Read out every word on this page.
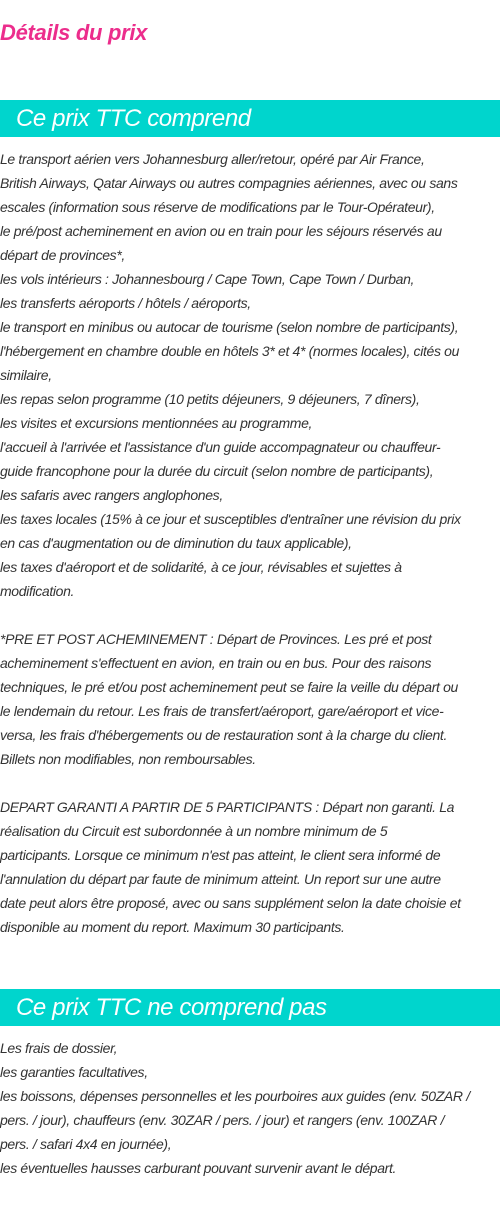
Détails du prix
Ce prix TTC comprend
Le transport aérien vers Johannesburg aller/retour, opéré par Air France,
British Airways, Qatar Airways ou autres compagnies aériennes, avec ou sans
escales (information sous réserve de modifications par le Tour-Opérateur),
le pré/post acheminement en avion ou en train pour les séjours réservés au
départ de provinces*,
les vols intérieurs : Johannesbourg / Cape Town, Cape Town / Durban,
les transferts aéroports / hôtels / aéroports,
le transport en minibus ou autocar de tourisme (selon nombre de participants),
l'hébergement en chambre double en hôtels 3* et 4* (normes locales), cités ou
similaire,
les repas selon programme (10 petits déjeuners, 9 déjeuners, 7 dîners),
les visites et excursions mentionnées au programme,
l'accueil à l'arrivée et l'assistance d'un guide accompagnateur ou chauffeur-
guide francophone pour la durée du circuit (selon nombre de participants),
les safaris avec rangers anglophones,
les taxes locales (15% à ce jour et susceptibles d'entraîner une révision du prix
en cas d'augmentation ou de diminution du taux applicable),
les taxes d'aéroport et de solidarité, à ce jour, révisables et sujettes à
modification.
*PRE ET POST ACHEMINEMENT : Départ de Provinces. Les pré et post
acheminement s'effectuent en avion, en train ou en bus. Pour des raisons
techniques, le pré et/ou post acheminement peut se faire la veille du départ ou
le lendemain du retour. Les frais de transfert/aéroport, gare/aéroport et vice-
versa, les frais d'hébergements ou de restauration sont à la charge du client.
Billets non modifiables, non remboursables.
DEPART GARANTI A PARTIR DE 5 PARTICIPANTS : Départ non garanti. La
réalisation du Circuit est subordonnée à un nombre minimum de 5
participants. Lorsque ce minimum n'est pas atteint, le client sera informé de
l'annulation du départ par faute de minimum atteint. Un report sur une autre
date peut alors être proposé, avec ou sans supplément selon la date choisie et
disponible au moment du report. Maximum 30 participants.
Ce prix TTC ne comprend pas
Les frais de dossier,
les garanties facultatives,
les boissons, dépenses personnelles et les pourboires aux guides (env. 50ZAR /
pers. / jour), chauffeurs (env. 30ZAR / pers. / jour) et rangers (env. 100ZAR /
pers. / safari 4x4 en journée),
les éventuelles hausses carburant pouvant survenir avant le départ.
